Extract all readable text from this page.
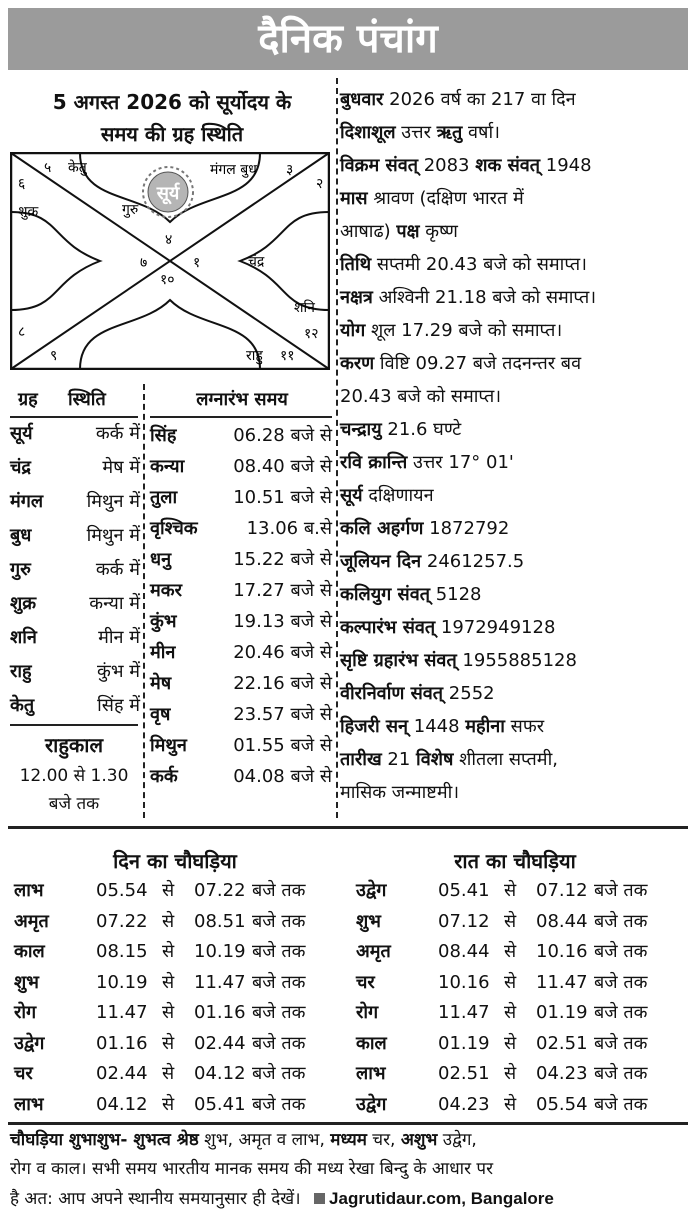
दैनिक पंचांग
5 अगस्त 2026 को सूर्योदय के
समय की ग्रह स्थिति
सूर्य
५ केतु
६
शुक्र	गुरु
मंगल बुध ३
२
४
७	१
१०
चंद्र
शनि
१२
८
९	राहु ११
ग्रह स्थिति
सूर्य	कर्क में
चंद्र	मेष में
मंगल	मिथुन में
बुध	मिथुन में
गुरु	कर्क में
शुक्र	कन्या में
शनि	मीन में
राहु	कुंभ में
केतु	सिंह में
राहुकाल
12.00 से 1.30
बजे तक
लग्नारंभ समय
सिंह	06.28 बजे से
कन्या	08.40 बजे से
तुला	10.51 बजे से
वृश्चिक	13.06 ब.से
धनु	15.22 बजे से
मकर	17.27 बजे से
कुंभ	19.13 बजे से
मीन	20.46 बजे से
मेष	22.16 बजे से
वृष	23.57 बजे से
मिथुन	01.55 बजे से
कर्क	04.08 बजे से
बुधवार 2026 वर्ष का 217 वा दिन
दिशाशूल उत्तर ऋतु वर्षा।
विक्रम संवत् 2083 शक संवत् 1948
मास श्रावण (दक्षिण भारत में
आषाढ) पक्ष कृष्ण
तिथि सप्तमी 20.43 बजे को समाप्त।
नक्षत्र अश्विनी 21.18 बजे को समाप्त।
योग शूल 17.29 बजे को समाप्त।
करण विष्टि 09.27 बजे तदनन्तर बव
20.43 बजे को समाप्त।
चन्द्रायु 21.6 घण्टे
रवि क्रान्ति उत्तर 17° 01'
सूर्य दक्षिणायन
कलि अहर्गण 1872792
जूलियन दिन 2461257.5
कलियुग संवत् 5128
कल्पारंभ संवत् 1972949128
सृष्टि ग्रहारंभ संवत् 1955885128
वीरनिर्वाण संवत् 2552
हिजरी सन् 1448 महीना सफर
तारीख 21 विशेष शीतला सप्तमी,
मासिक जन्माष्टमी।
दिन का चौघड़िया	रात का चौघड़िया
लाभ	05.54 से 07.22 बजे तक
अमृत	07.22 से 08.51 बजे तक
काल	08.15 से 10.19 बजे तक
शुभ	10.19 से 11.47 बजे तक
रोग	11.47 से 01.16 बजे तक
उद्वेग	01.16 से 02.44 बजे तक
चर	02.44 से 04.12 बजे तक
लाभ	04.12 से 05.41 बजे तक
उद्वेग	05.41 से 07.12 बजे तक
शुभ	07.12 से 08.44 बजे तक
अमृत	08.44 से 10.16 बजे तक
चर	10.16 से 11.47 बजे तक
रोग	11.47 से 01.19 बजे तक
काल	01.19 से 02.51 बजे तक
लाभ	02.51 से 04.23 बजे तक
उद्वेग	04.23 से 05.54 बजे तक
चौघड़िया शुभाशुभ- शुभत्व श्रेष्ठ शुभ, अमृत व लाभ, मध्यम चर, अशुभ उद्वेग,
रोग व काल। सभी समय भारतीय मानक समय की मध्य रेखा बिन्दु के आधार पर
है अत: आप अपने स्थानीय समयानुसार ही देखें। Jagrutidaur.com, Bangalore
